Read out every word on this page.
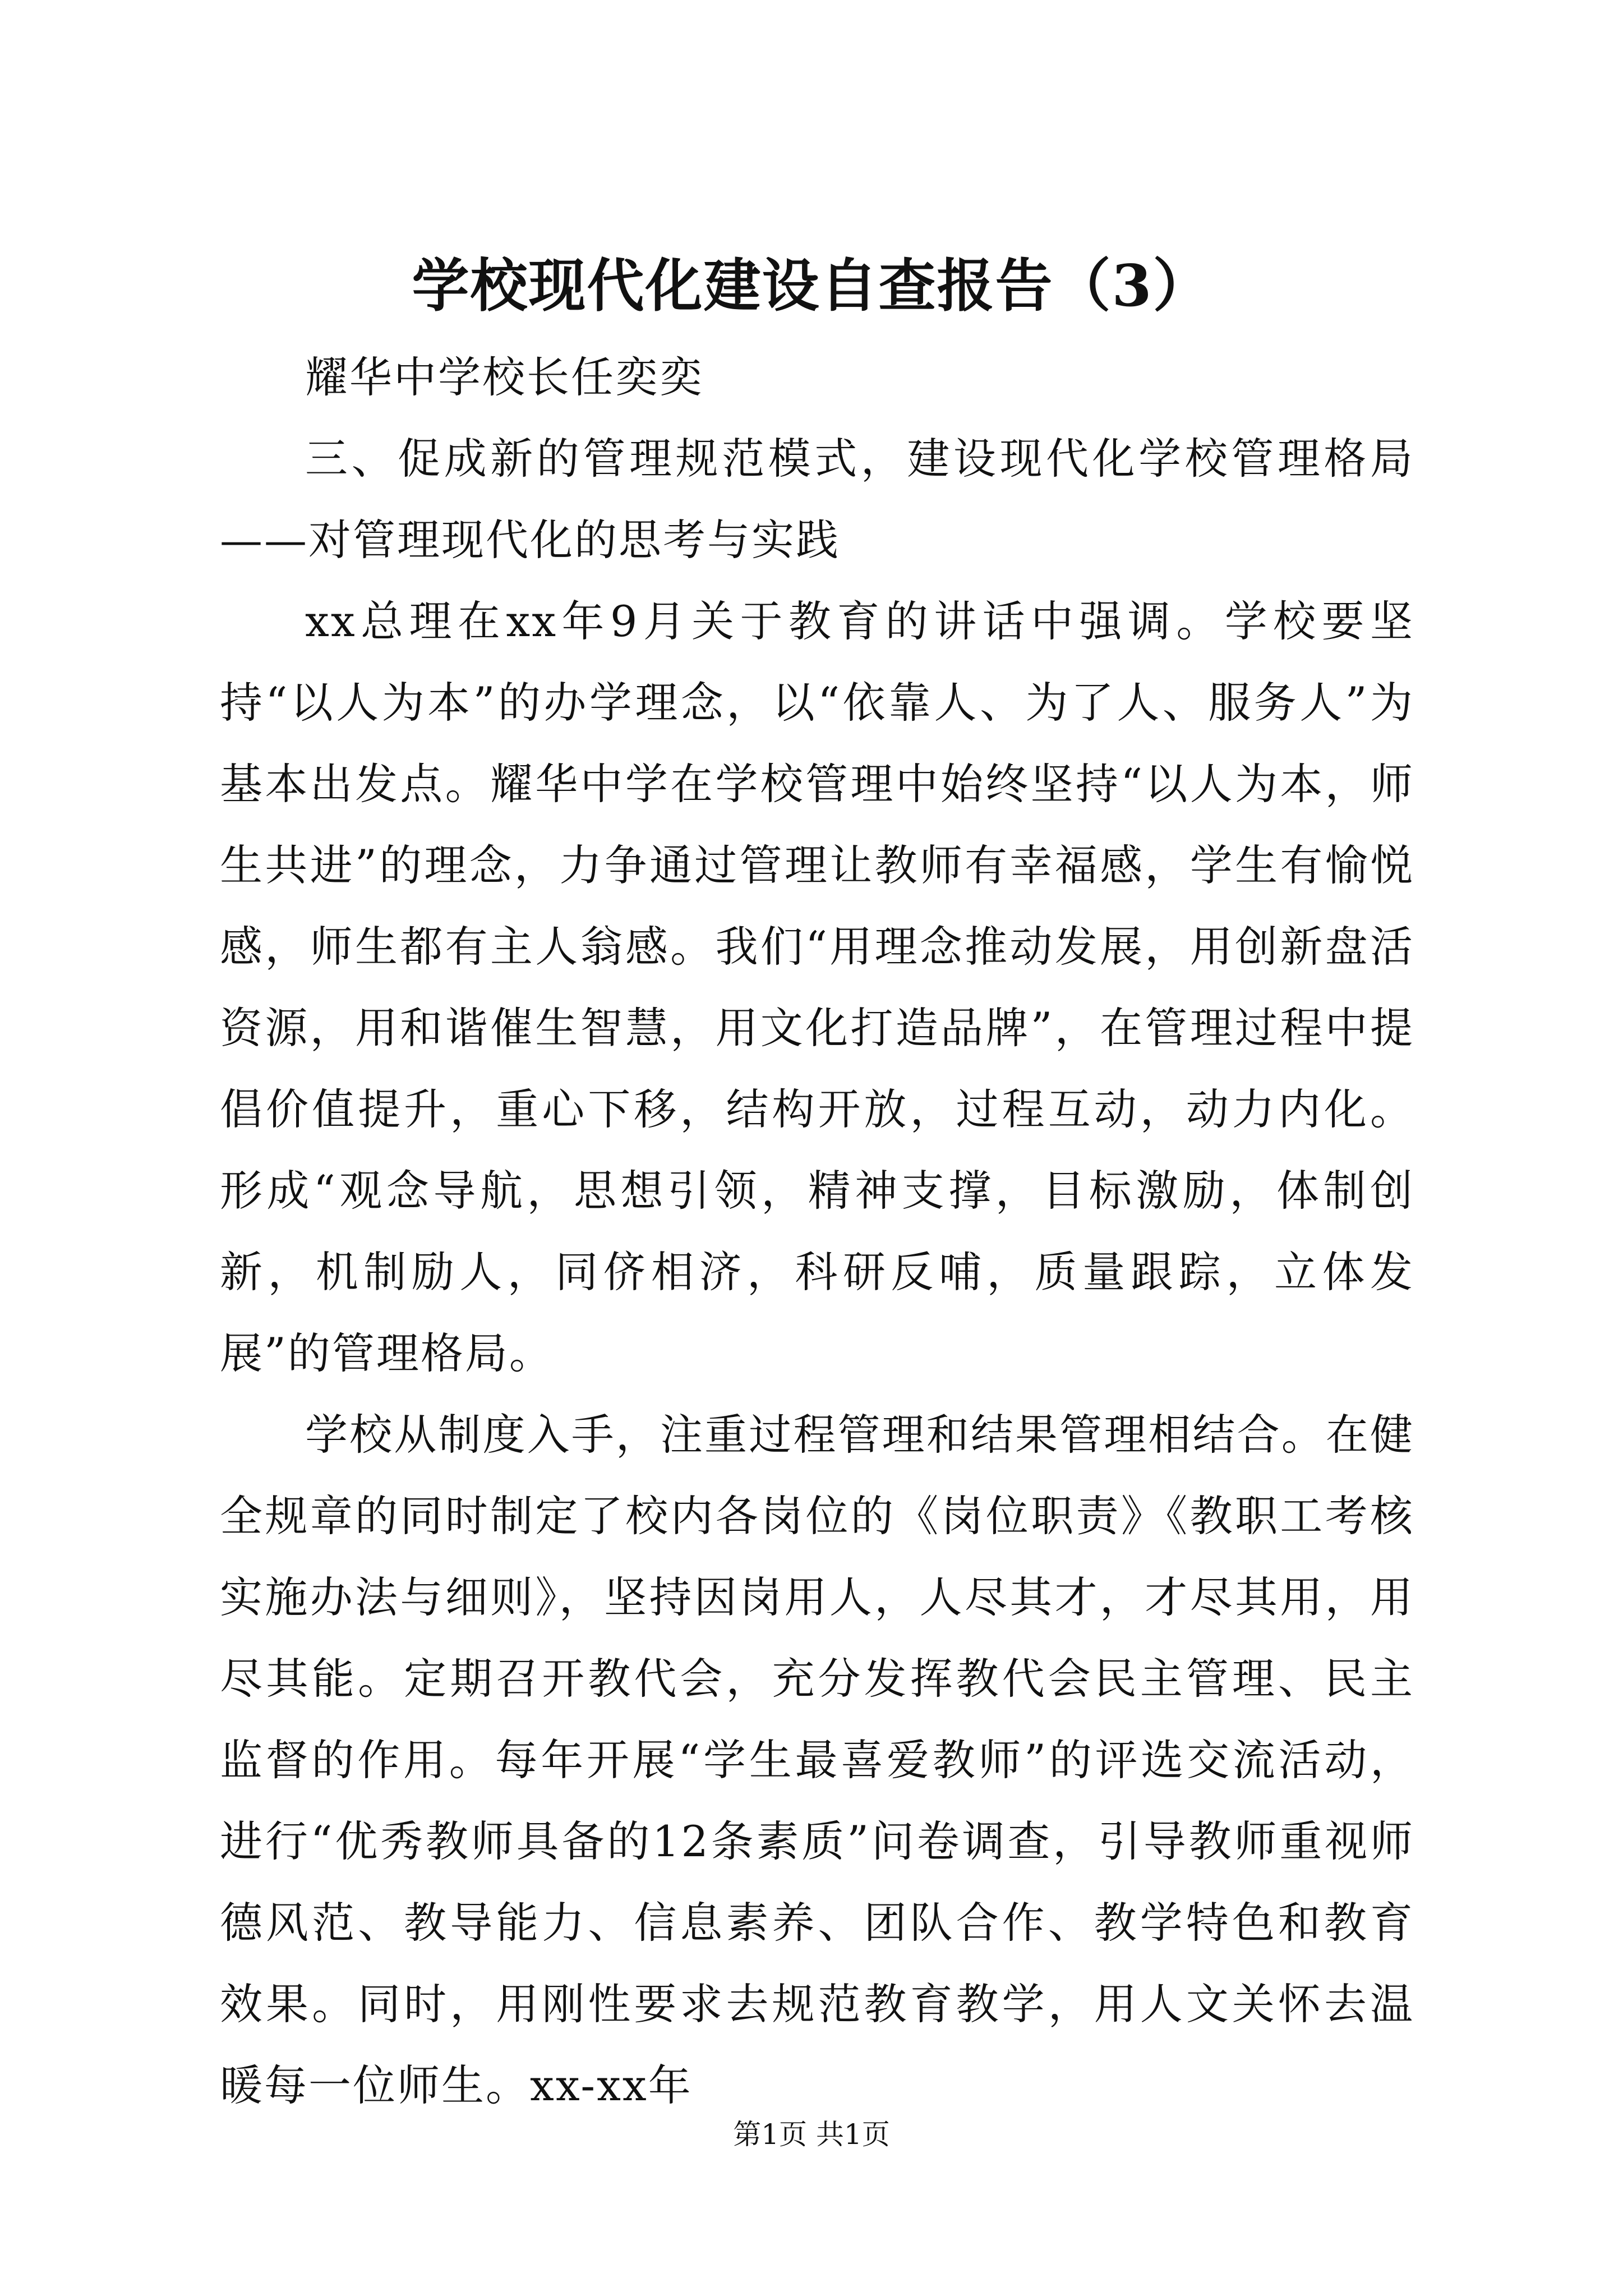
学校现代化建设自查报告（3）

耀华中学校长任奕奕

三、促成新的管理规范模式，建设现代化学校管理格局——对管理现代化的思考与实践

xx总理在xx年9月关于教育的讲话中强调。学校要坚持“以人为本”的办学理念，以“依靠人、为了人、服务人”为基本出发点。耀华中学在学校管理中始终坚持“以人为本，师生共进”的理念，力争通过管理让教师有幸福感，学生有愉悦感，师生都有主人翁感。我们“用理念推动发展，用创新盘活资源，用和谐催生智慧，用文化打造品牌”，在管理过程中提倡价值提升，重心下移，结构开放，过程互动，动力内化。形成“观念导航，思想引领，精神支撑，目标激励，体制创新，机制励人，同侪相济，科研反哺，质量跟踪，立体发展”的管理格局。

学校从制度入手，注重过程管理和结果管理相结合。在健全规章的同时制定了校内各岗位的《岗位职责》《教职工考核实施办法与细则》，坚持因岗用人，人尽其才，才尽其用，用尽其能。定期召开教代会，充分发挥教代会民主管理、民主监督的作用。每年开展“学生最喜爱教师”的评选交流活动，进行“优秀教师具备的12条素质”问卷调查，引导教师重视师德风范、教导能力、信息素养、团队合作、教学特色和教育效果。同时，用刚性要求去规范教育教学，用人文关怀去温暖每一位师生。xx-xx年

第1页 共1页
